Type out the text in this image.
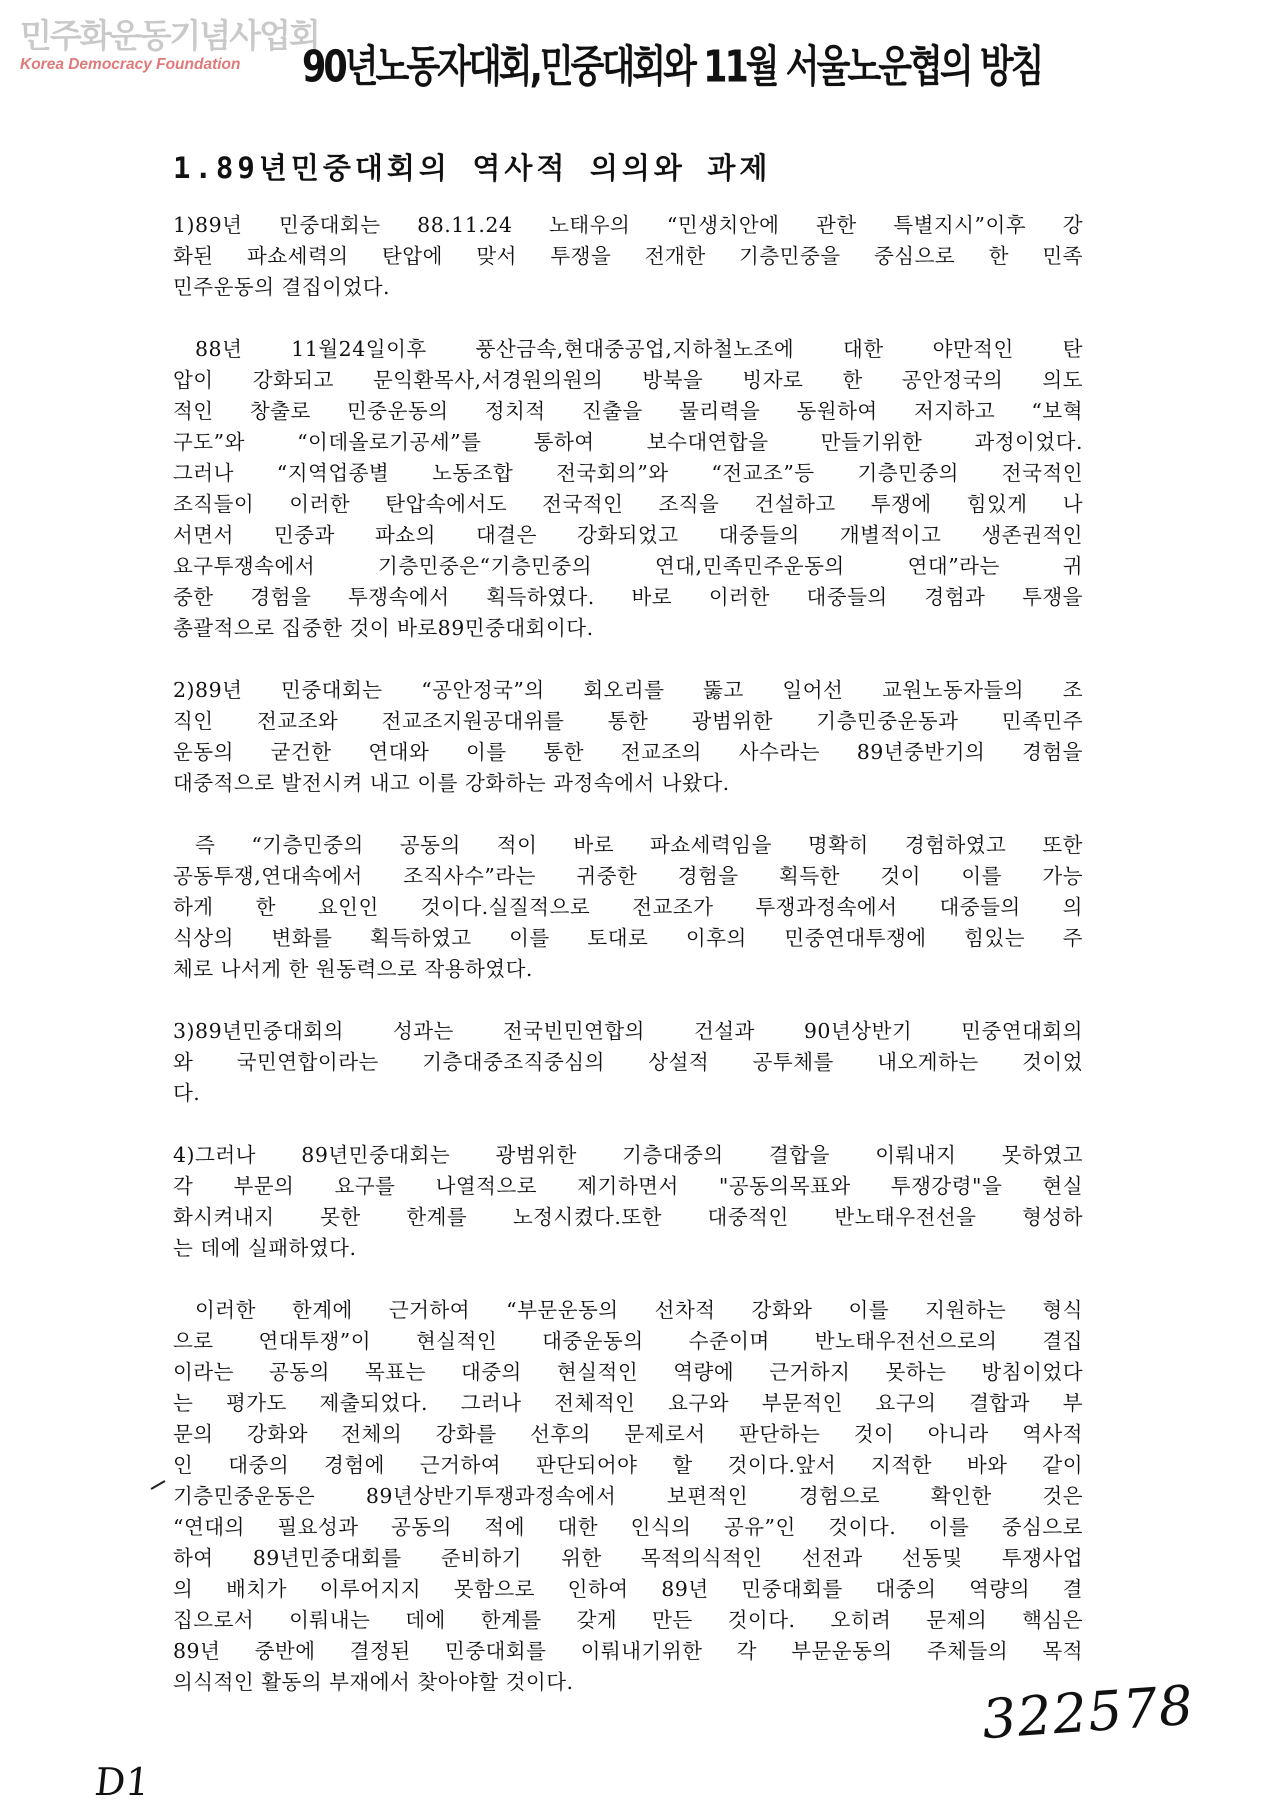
민주화운동기념사업회
Korea Democracy Foundation	90년노동자대회,민중대회와 11월 서울노운협의 방침
1.89년민중대회의 역사적 의의와 과제
1)89년 민중대회는 88.11.24 노태우의 “민생치안에 관한 특별지시”이후 강
화된 파쇼세력의 탄압에 맞서 투쟁을 전개한 기층민중을 중심으로 한 민족
민주운동의 결집이었다.
88년 11월24일이후 풍산금속,현대중공업,지하철노조에 대한 야만적인 탄
압이 강화되고 문익환목사,서경원의원의 방북을 빙자로 한 공안정국의 의도
적인 창출로 민중운동의 정치적 진출을 물리력을 동원하여 저지하고 “보혁
구도”와 “이데올로기공세”를 통하여 보수대연합을 만들기위한 과정이었다.
그러나 “지역업종별 노동조합 전국회의”와 “전교조”등 기층민중의 전국적인
조직들이 이러한 탄압속에서도 전국적인 조직을 건설하고 투쟁에 힘있게 나
서면서 민중과 파쇼의 대결은 강화되었고 대중들의 개별적이고 생존권적인
요구투쟁속에서 기층민중은“기층민중의 연대,민족민주운동의 연대”라는 귀
중한 경험을 투쟁속에서 획득하였다. 바로 이러한 대중들의 경험과 투쟁을
총괄적으로 집중한 것이 바로89민중대회이다.
2)89년 민중대회는 “공안정국”의 회오리를 뚫고 일어선 교원노동자들의 조
직인 전교조와 전교조지원공대위를 통한 광범위한 기층민중운동과 민족민주
운동의 굳건한 연대와 이를 통한 전교조의 사수라는 89년중반기의 경험을
대중적으로 발전시켜 내고 이를 강화하는 과정속에서 나왔다.
즉 “기층민중의 공동의 적이 바로 파쇼세력임을 명확히 경험하였고 또한
공동투쟁,연대속에서 조직사수”라는 귀중한 경험을 획득한 것이 이를 가능
하게 한 요인인 것이다.실질적으로 전교조가 투쟁과정속에서 대중들의 의
식상의 변화를 획득하였고 이를 토대로 이후의 민중연대투쟁에 힘있는 주
체로 나서게 한 원동력으로 작용하였다.
3)89년민중대회의 성과는 전국빈민연합의 건설과 90년상반기 민중연대회의
와 국민연합이라는 기층대중조직중심의 상설적 공투체를 내오게하는 것이었
다.
4)그러나 89년민중대회는 광범위한 기층대중의 결합을 이뤄내지 못하였고
각 부문의 요구를 나열적으로 제기하면서 "공동의목표와 투쟁강령"을 현실
화시켜내지 못한 한계를 노정시켰다.또한 대중적인 반노태우전선을 형성하
는 데에 실패하였다.
이러한 한계에 근거하여 “부문운동의 선차적 강화와 이를 지원하는 형식
으로 연대투쟁”이 현실적인 대중운동의 수준이며 반노태우전선으로의 결집
이라는 공동의 목표는 대중의 현실적인 역량에 근거하지 못하는 방침이었다
는 평가도 제출되었다. 그러나 전체적인 요구와 부문적인 요구의 결합과 부
문의 강화와 전체의 강화를 선후의 문제로서 판단하는 것이 아니라 역사적
인 대중의 경험에 근거하여 판단되어야 할 것이다.앞서 지적한 바와 같이
기층민중운동은 89년상반기투쟁과정속에서 보편적인 경험으로 확인한 것은
“연대의 필요성과 공동의 적에 대한 인식의 공유”인 것이다. 이를 중심으로
하여 89년민중대회를 준비하기 위한 목적의식적인 선전과 선동및 투쟁사업
의 배치가 이루어지지 못함으로 인하여 89년 민중대회를 대중의 역량의 결
집으로서 이뤄내는 데에 한계를 갖게 만든 것이다. 오히려 문제의 핵심은
89년 중반에 결정된 민중대회를 이뤄내기위한 각 부문운동의 주체들의 목적
의식적인 활동의 부재에서 찾아야할 것이다.	322578
D1
